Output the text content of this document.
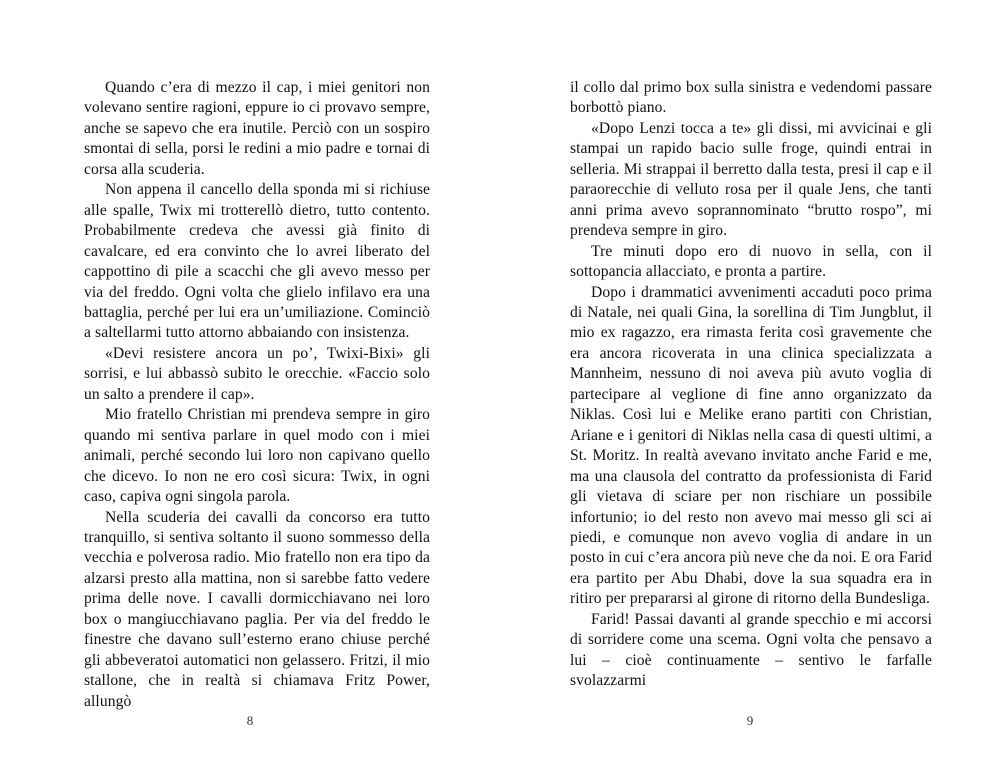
Quando c’era di mezzo il cap, i miei genitori non volevano sentire ragioni, eppure io ci provavo sempre, anche se sapevo che era inutile. Perciò con un sospiro smontai di sella, porsi le redini a mio padre e tornai di corsa alla scuderia.

Non appena il cancello della sponda mi si richiuse alle spalle, Twix mi trotterellò dietro, tutto contento. Probabilmente credeva che avessi già finito di cavalcare, ed era convinto che lo avrei liberato del cappottino di pile a scacchi che gli avevo messo per via del freddo. Ogni volta che glielo infilavo era una battaglia, perché per lui era un’umiliazione. Cominciò a saltellarmi tutto attorno abbaiando con insistenza.

«Devi resistere ancora un po’, Twixi-Bixi» gli sorrisi, e lui abbassò subito le orecchie. «Faccio solo un salto a prendere il cap».

Mio fratello Christian mi prendeva sempre in giro quando mi sentiva parlare in quel modo con i miei animali, perché secondo lui loro non capivano quello che dicevo. Io non ne ero così sicura: Twix, in ogni caso, capiva ogni singola parola.

Nella scuderia dei cavalli da concorso era tutto tranquillo, si sentiva soltanto il suono sommesso della vecchia e polverosa radio. Mio fratello non era tipo da alzarsi presto alla mattina, non si sarebbe fatto vedere prima delle nove. I cavalli dormicchiavano nei loro box o mangiucchiavano paglia. Per via del freddo le finestre che davano sull’esterno erano chiuse perché gli abbeveratoi automatici non gelassero. Fritzi, il mio stallone, che in realtà si chiamava Fritz Power, allungò

8

il collo dal primo box sulla sinistra e vedendomi passare borbottò piano.

«Dopo Lenzi tocca a te» gli dissi, mi avvicinai e gli stampai un rapido bacio sulle froge, quindi entrai in selleria. Mi strappai il berretto dalla testa, presi il cap e il paraorecchie di velluto rosa per il quale Jens, che tanti anni prima avevo soprannominato “brutto rospo”, mi prendeva sempre in giro.

Tre minuti dopo ero di nuovo in sella, con il sottopancia allacciato, e pronta a partire.

Dopo i drammatici avvenimenti accaduti poco prima di Natale, nei quali Gina, la sorellina di Tim Jungblut, il mio ex ragazzo, era rimasta ferita così gravemente che era ancora ricoverata in una clinica specializzata a Mannheim, nessuno di noi aveva più avuto voglia di partecipare al veglione di fine anno organizzato da Niklas. Così lui e Melike erano partiti con Christian, Ariane e i genitori di Niklas nella casa di questi ultimi, a St. Moritz. In realtà avevano invitato anche Farid e me, ma una clausola del contratto da professionista di Farid gli vietava di sciare per non rischiare un possibile infortunio; io del resto non avevo mai messo gli sci ai piedi, e comunque non avevo voglia di andare in un posto in cui c’era ancora più neve che da noi. E ora Farid era partito per Abu Dhabi, dove la sua squadra era in ritiro per prepararsi al girone di ritorno della Bundesliga.

Farid! Passai davanti al grande specchio e mi accorsi di sorridere come una scema. Ogni volta che pensavo a lui – cioè continuamente – sentivo le farfalle svolazzarmi

9
